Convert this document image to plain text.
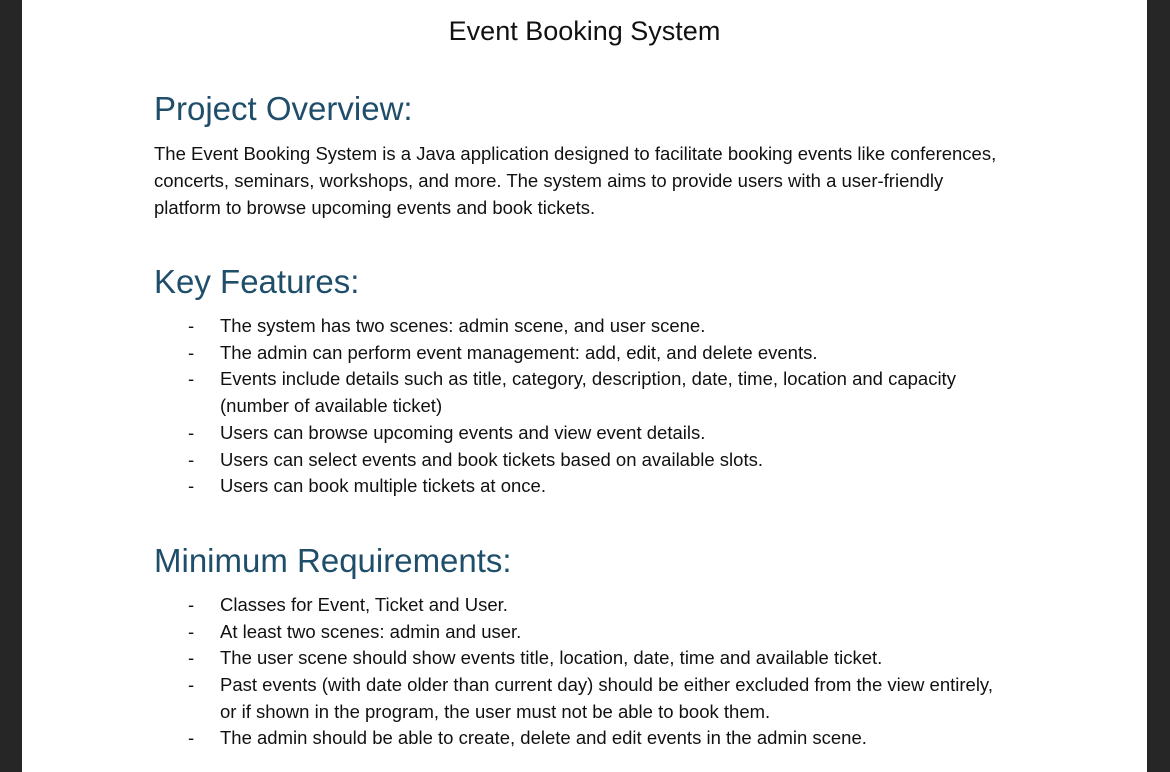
Event Booking System
Project Overview:

The Event Booking System is a Java application designed to facilitate booking events like conferences, concerts, seminars, workshops, and more. The system aims to provide users with a user-friendly platform to browse upcoming events and book tickets.

Key Features:
- The system has two scenes: admin scene, and user scene.
- The admin can perform event management: add, edit, and delete events.
- Events include details such as title, category, description, date, time, location and capacity (number of available ticket)
- Users can browse upcoming events and view event details.
- Users can select events and book tickets based on available slots.
- Users can book multiple tickets at once.
Minimum Requirements:
- Classes for Event, Ticket and User.
- At least two scenes: admin and user.
- The user scene should show events title, location, date, time and available ticket.
- Past events (with date older than current day) should be either excluded from the view entirely, or if shown in the program, the user must not be able to book them.
- The admin should be able to create, delete and edit events in the admin scene.
